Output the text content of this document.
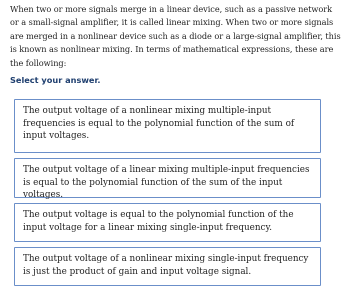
When two or more signals merge in a linear device, such as a passive network or a small-signal amplifier, it is called linear mixing. When two or more signals are merged in a nonlinear device such as a diode or a large-signal amplifier, this is known as nonlinear mixing. In terms of mathematical expressions, these are the following:
Select your answer.
The output voltage of a nonlinear mixing multiple-input frequencies is equal to the polynomial function of the sum of input voltages.
The output voltage of a linear mixing multiple-input frequencies is equal to the polynomial function of the sum of the input voltages.
The output voltage is equal to the polynomial function of the input voltage for a linear mixing single-input frequency.
The output voltage of a nonlinear mixing single-input frequency is just the product of gain and input voltage signal.
